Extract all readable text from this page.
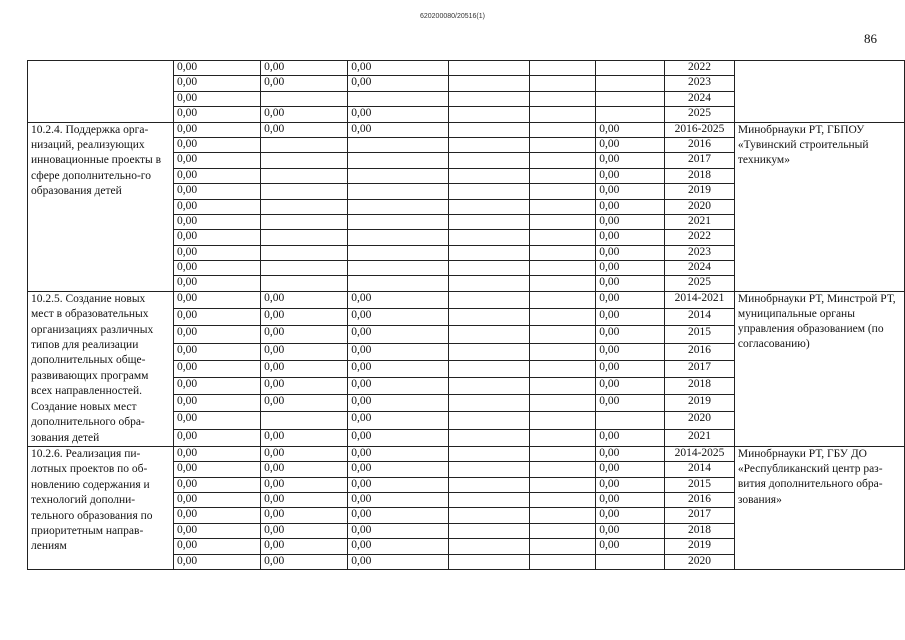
620200080/20516(1)
86
	0,00	0,00	0,00				2022	
	0,00	0,00	0,00				2023	
	0,00						2024	
	0,00	0,00	0,00				2025	
10.2.4. Поддержка орга-низаций, реализующих инновационные проекты в сфере дополнительно-го образования детей	0,00	0,00	0,00			0,00	2016-2025	Минобрнауки РТ, ГБПОУ «Тувинский строительный техникум»
	0,00					0,00	2016	
	0,00					0,00	2017	
	0,00					0,00	2018	
	0,00					0,00	2019	
	0,00					0,00	2020	
	0,00					0,00	2021	
	0,00					0,00	2022	
	0,00					0,00	2023	
	0,00					0,00	2024	
	0,00					0,00	2025	
10.2.5. Создание новых мест в образовательных организациях различных типов для реализации дополнительных обще-развивающих программ всех направленностей. Создание новых мест дополнительного обра-зования детей	0,00	0,00	0,00			0,00	2014-2021	Минобрнауки РТ, Минстрой РТ, муниципальные органы управления образованием (по согласованию)
	0,00	0,00	0,00			0,00	2014	
	0,00	0,00	0,00			0,00	2015	
	0,00	0,00	0,00			0,00	2016	
	0,00	0,00	0,00			0,00	2017	
	0,00	0,00	0,00			0,00	2018	
	0,00	0,00	0,00			0,00	2019	
	0,00		0,00				2020	
	0,00	0,00	0,00			0,00	2021	
10.2.6. Реализация пи-лотных проектов по об-новлению содержания и технологий дополни-тельного образования по приоритетным направ-лениям	0,00	0,00	0,00			0,00	2014-2025	Минобрнауки РТ, ГБУ ДО «Республиканский центр раз-вития дополнительного обра-зования»
	0,00	0,00	0,00			0,00	2014	
	0,00	0,00	0,00			0,00	2015	
	0,00	0,00	0,00			0,00	2016	
	0,00	0,00	0,00			0,00	2017	
	0,00	0,00	0,00			0,00	2018	
	0,00	0,00	0,00			0,00	2019	
	0,00	0,00	0,00				2020	
